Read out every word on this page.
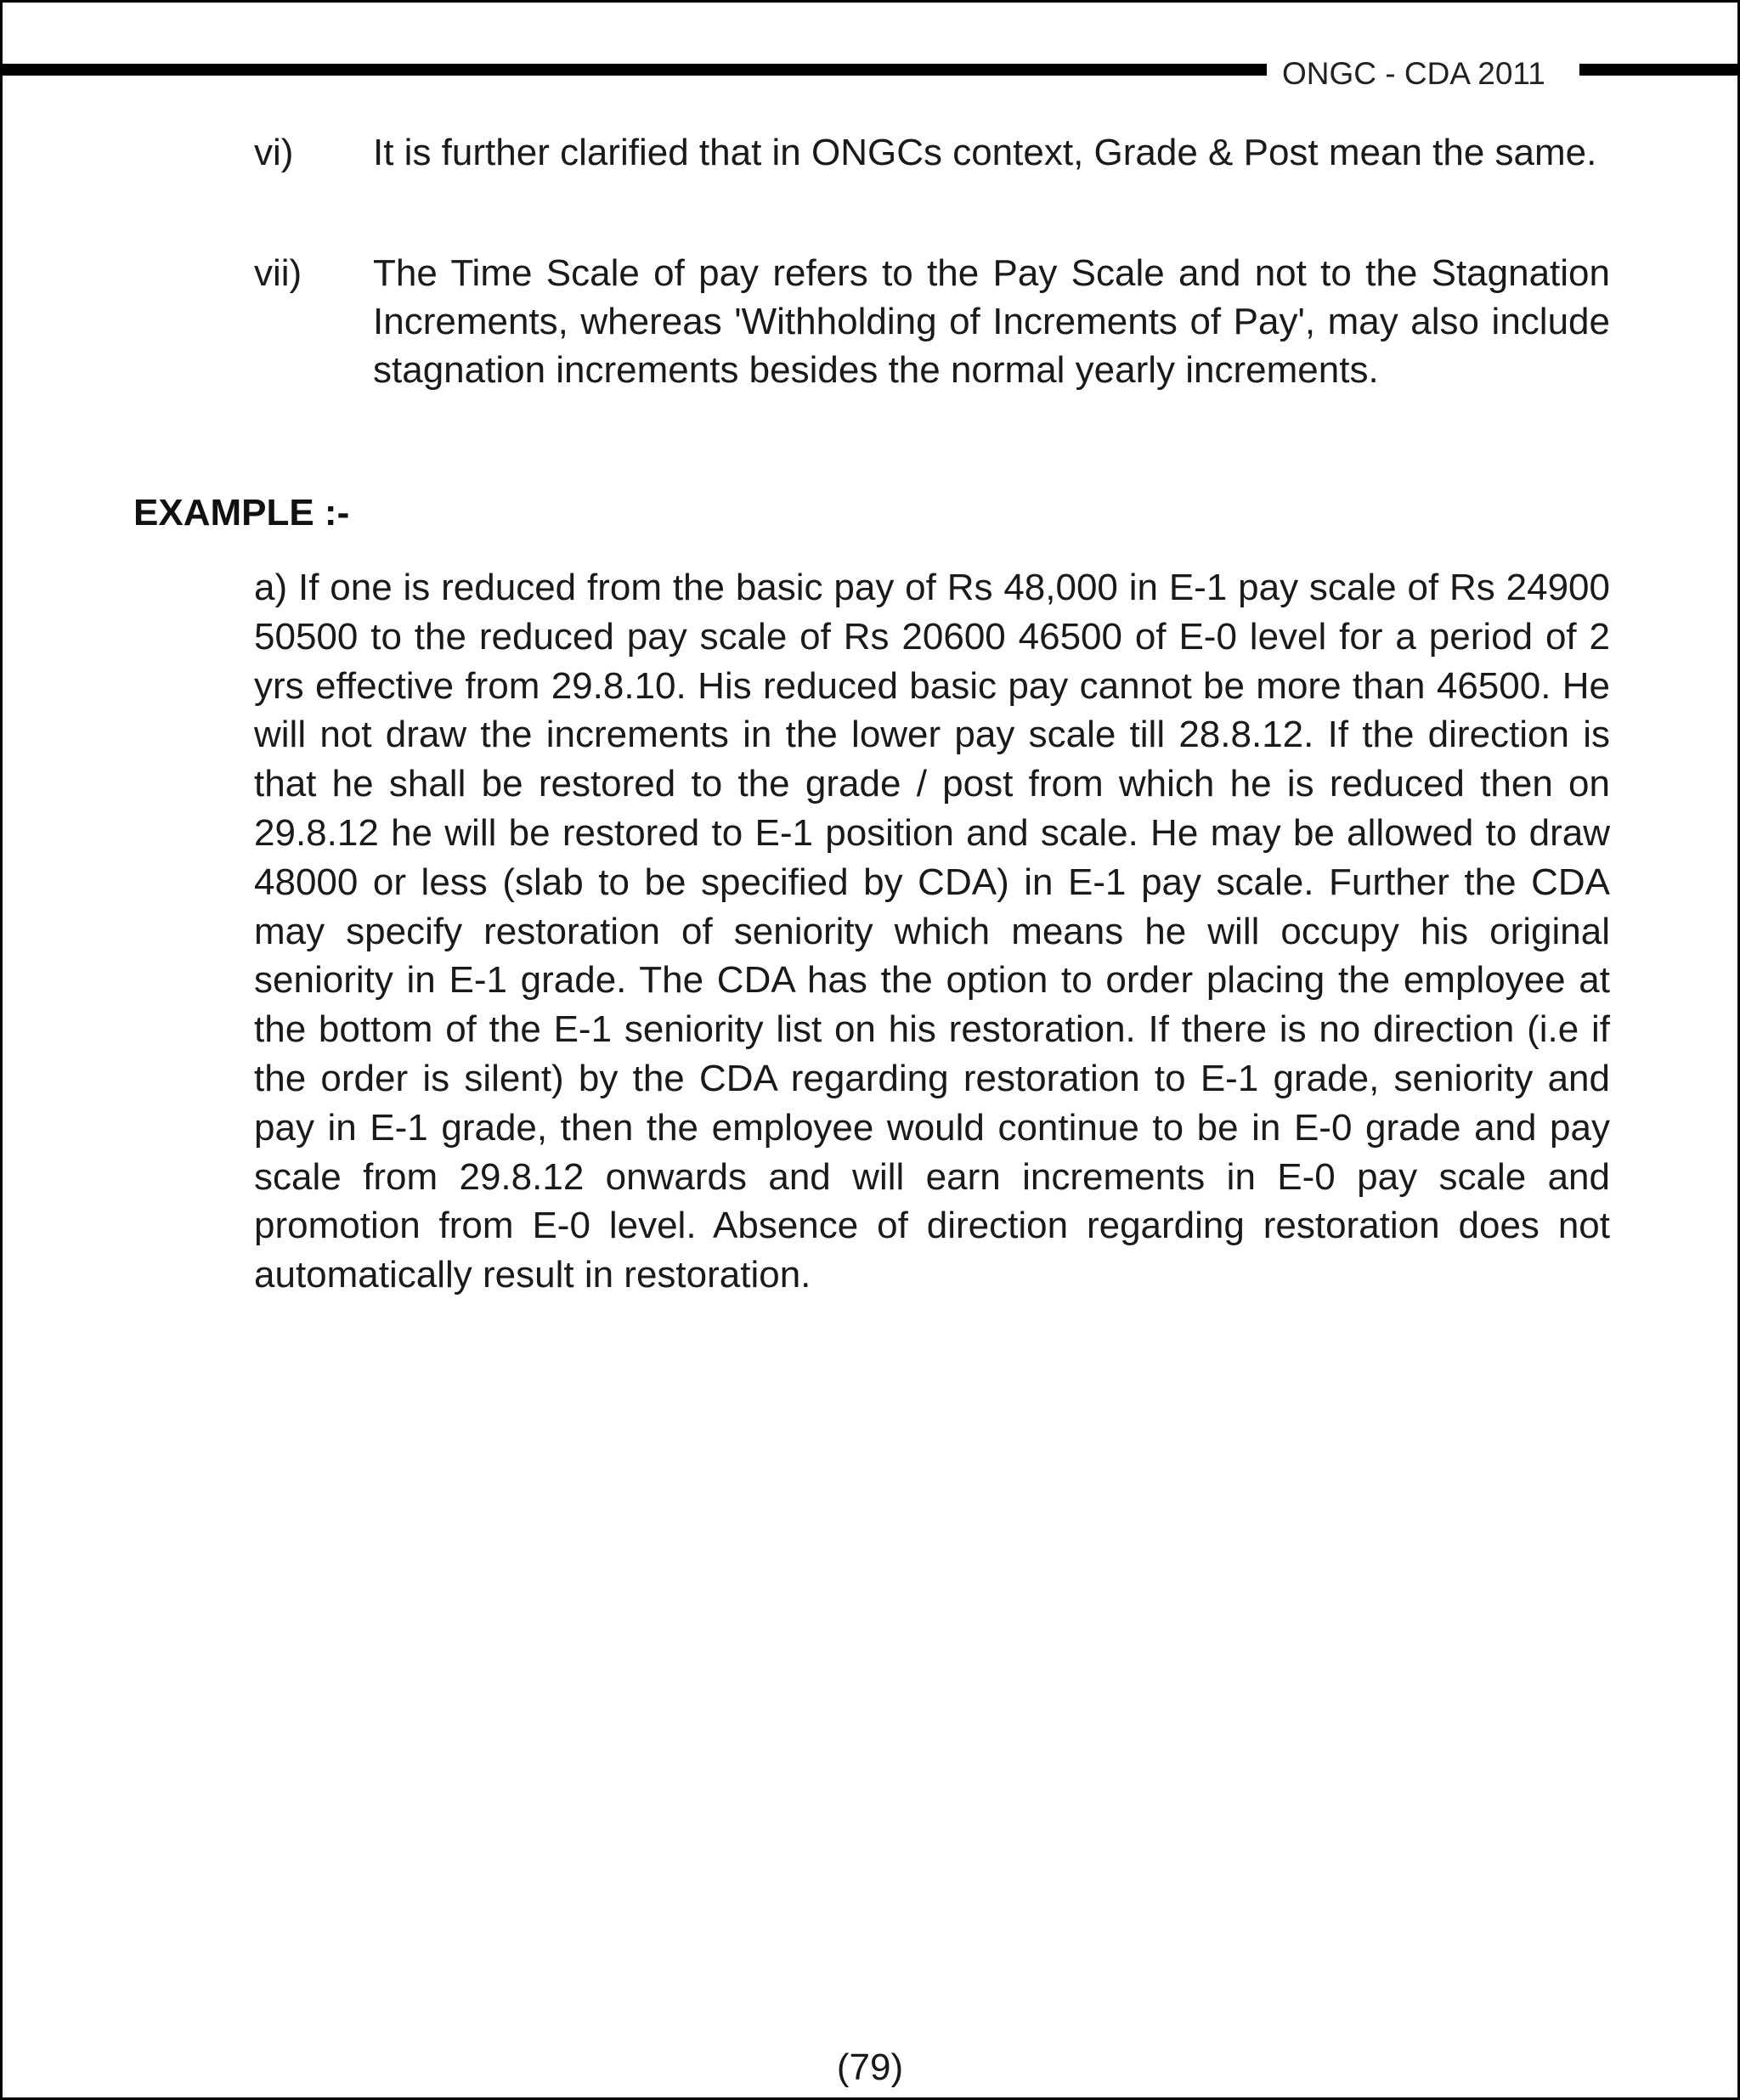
ONGC - CDA 2011
vi) It is further clarified that in ONGCs context, Grade & Post mean the same.
vii) The Time Scale of pay refers to the Pay Scale and not to the Stagnation Increments, whereas 'Withholding of Increments of Pay', may also include stagnation increments besides the normal yearly increments.
EXAMPLE :-
a) If one is reduced from the basic pay of Rs 48,000 in E-1 pay scale of Rs 24900 50500 to the reduced pay scale of Rs 20600 46500 of E-0 level for a period of 2 yrs effective from 29.8.10. His reduced basic pay cannot be more than 46500. He will not draw the increments in the lower pay scale till 28.8.12. If the direction is that he shall be restored to the grade / post from which he is reduced then on 29.8.12 he will be restored to E-1 position and scale. He may be allowed to draw 48000 or less (slab to be specified by CDA) in E-1 pay scale. Further the CDA may specify restoration of seniority which means he will occupy his original seniority in E-1 grade. The CDA has the option to order placing the employee at the bottom of the E-1 seniority list on his restoration. If there is no direction (i.e if the order is silent) by the CDA regarding restoration to E-1 grade, seniority and pay in E-1 grade, then the employee would continue to be in E-0 grade and pay scale from 29.8.12 onwards and will earn increments in E-0 pay scale and promotion from E-0 level. Absence of direction regarding restoration does not automatically result in restoration.
(79)
